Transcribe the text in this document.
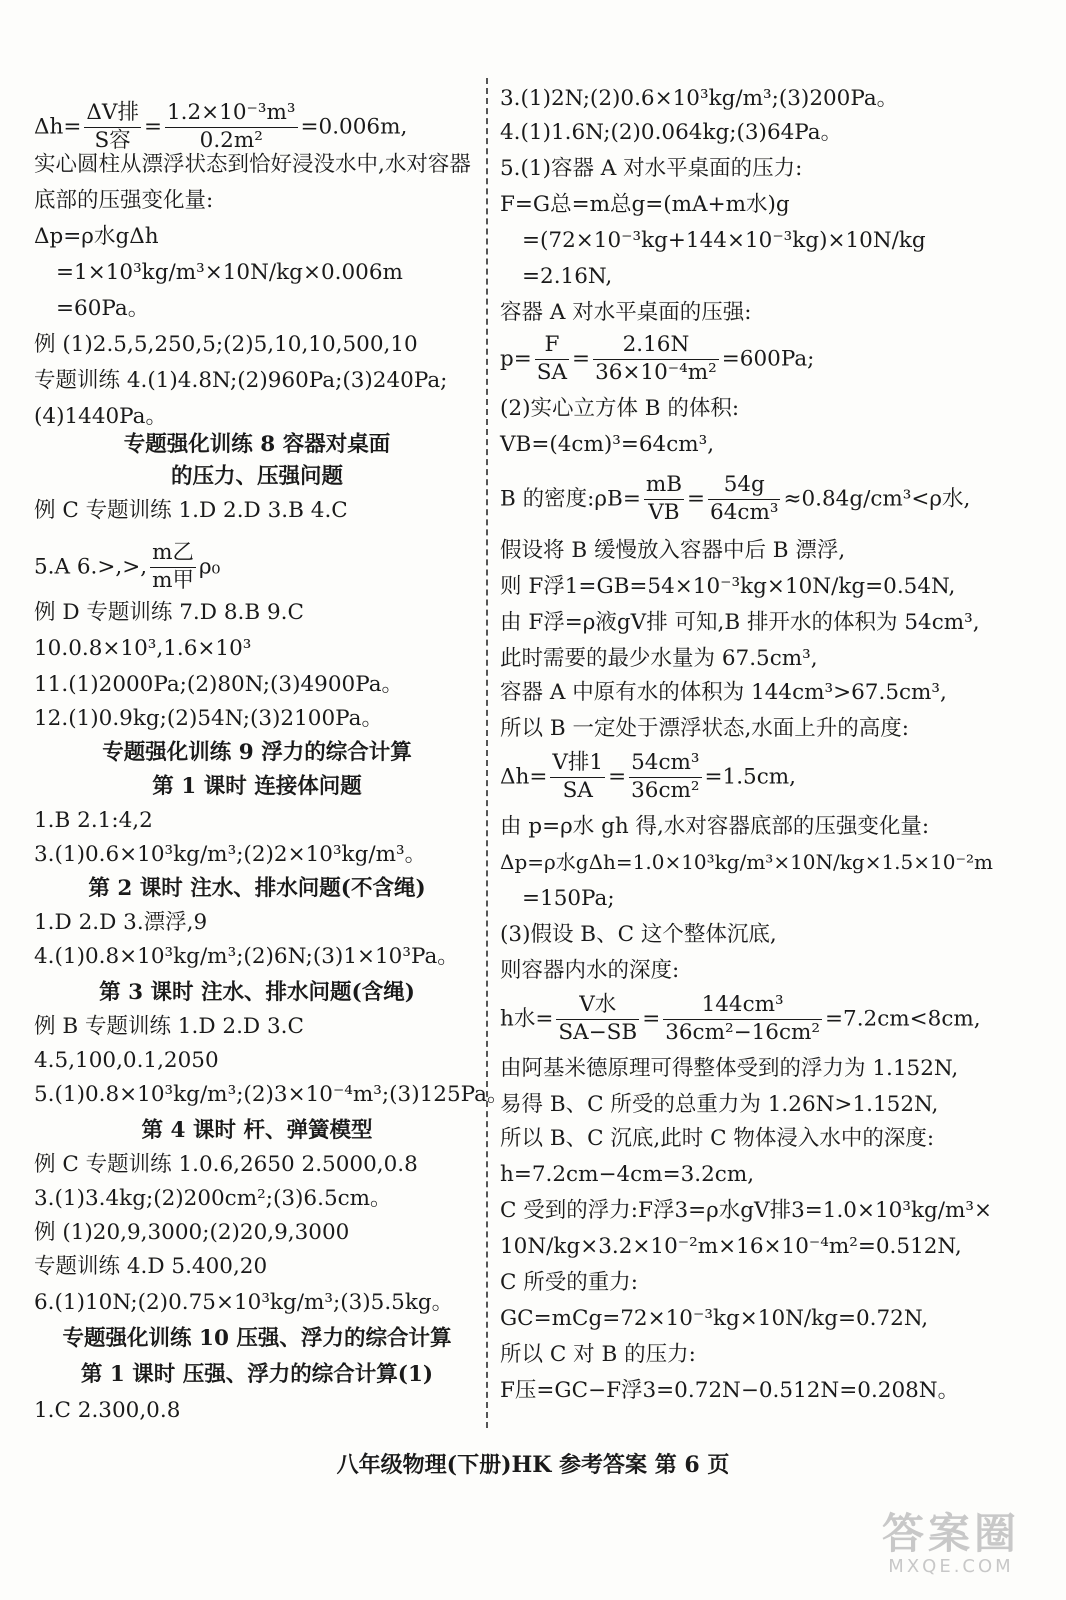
$\Delta h= \frac{\text{ΔV排}}{\text{S容}} = \frac{\text{1.2×10⁻³m³}}{\text{0.2m²}} =0.006m$,
实心圆柱从漂浮状态到恰好浸没水中,水对容器
底部的压强变化量:
Δp=ρ水gΔh
=1×10³kg/m³×10N/kg×0.006m
=60Pa。
例 (1)2.5,5,250,5;(2)5,10,10,500,10
专题训练 4.(1)4.8N;(2)960Pa;(3)240Pa;
(4)1440Pa。
专题强化训练 8 容器对桌面
的压力、压强问题
例 C 专题训练 1.D 2.D 3.B 4.C
5.A 6.>,>, $\frac{\text{m乙}}{\text{m甲}} \rho_0$
例 D 专题训练 7.D 8.B 9.C
10.0.8×10³,1.6×10³
11.(1)2000Pa;(2)80N;(3)4900Pa。
12.(1)0.9kg;(2)54N;(3)2100Pa。
专题强化训练 9 浮力的综合计算
第 1 课时 连接体问题
1.B 2.1:4,2
3.(1)0.6×10³kg/m³;(2)2×10³kg/m³。
第 2 课时 注水、排水问题(不含绳)
1.D 2.D 3.漂浮,9
4.(1)0.8×10³kg/m³;(2)6N;(3)1×10³Pa。
第 3 课时 注水、排水问题(含绳)
例 B 专题训练 1.D 2.D 3.C
4.5,100,0.1,2050
5.(1)0.8×10³kg/m³;(2)3×10⁻⁴m³;(3)125Pa。
第 4 课时 杆、弹簧模型
例 C 专题训练 1.0.6,2650 2.5000,0.8
3.(1)3.4kg;(2)200cm²;(3)6.5cm。
例 (1)20,9,3000;(2)20,9,3000
专题训练 4.D 5.400,20
6.(1)10N;(2)0.75×10³kg/m³;(3)5.5kg。
专题强化训练 10 压强、浮力的综合计算
第 1 课时 压强、浮力的综合计算(1)
1.C 2.300,0.8
3.(1)2N;(2)0.6×10³kg/m³;(3)200Pa。
4.(1)1.6N;(2)0.064kg;(3)64Pa。
5.(1)容器 A 对水平桌面的压力:
F=G总=m总g=(mA+m水)g
=(72×10⁻³kg+144×10⁻³kg)×10N/kg
=2.16N,
容器 A 对水平桌面的压强:
$p= \frac{F}{SA} = \frac{2.16N}{\text{36×10⁻⁴m²}} =600Pa$;
(2)实心立方体 B 的体积:
VB=(4cm)³=64cm³,
B 的密度:ρB= $\frac{mB}{VB} = \frac{54g}{\text{64cm³}} \approx 0.84g/cm^3<\rho$水,
假设将 B 缓慢放入容器中后 B 漂浮,
则 F浮1=GB=54×10⁻³kg×10N/kg=0.54N,
由 F浮=ρ液gV排 可知,B 排开水的体积为 54cm³,
此时需要的最少水量为 67.5cm³,
容器 A 中原有水的体积为 144cm³>67.5cm³,
所以 B 一定处于漂浮状态,水面上升的高度:
$\Delta h= \frac{\text{V排1}}{SA} = \frac{\text{54cm³}}{\text{36cm²}} =1.5cm$,
由 p=ρ水 gh 得,水对容器底部的压强变化量:
Δp=ρ水gΔh=1.0×10³kg/m³×10N/kg×1.5×10⁻²m
=150Pa;
(3)假设 B、C 这个整体沉底,
则容器内水的深度:
h水= $\frac{\text{V水}}{SA-SB} = \frac{\text{144cm³}}{\text{36cm²−16cm²}} =7.2cm<8cm$,
由阿基米德原理可得整体受到的浮力为 1.152N,
易得 B、C 所受的总重力为 1.26N>1.152N,
所以 B、C 沉底,此时 C 物体浸入水中的深度:
h=7.2cm−4cm=3.2cm,
C 受到的浮力:F浮3=ρ水gV排3=1.0×10³kg/m³×
10N/kg×3.2×10⁻²m×16×10⁻⁴m²=0.512N,
C 所受的重力:
GC=mCg=72×10⁻³kg×10N/kg=0.72N,
所以 C 对 B 的压力:
F压=GC−F浮3=0.72N−0.512N=0.208N。
八年级物理(下册)HK 参考答案 第 6 页
答案圈
MXQE.COM
